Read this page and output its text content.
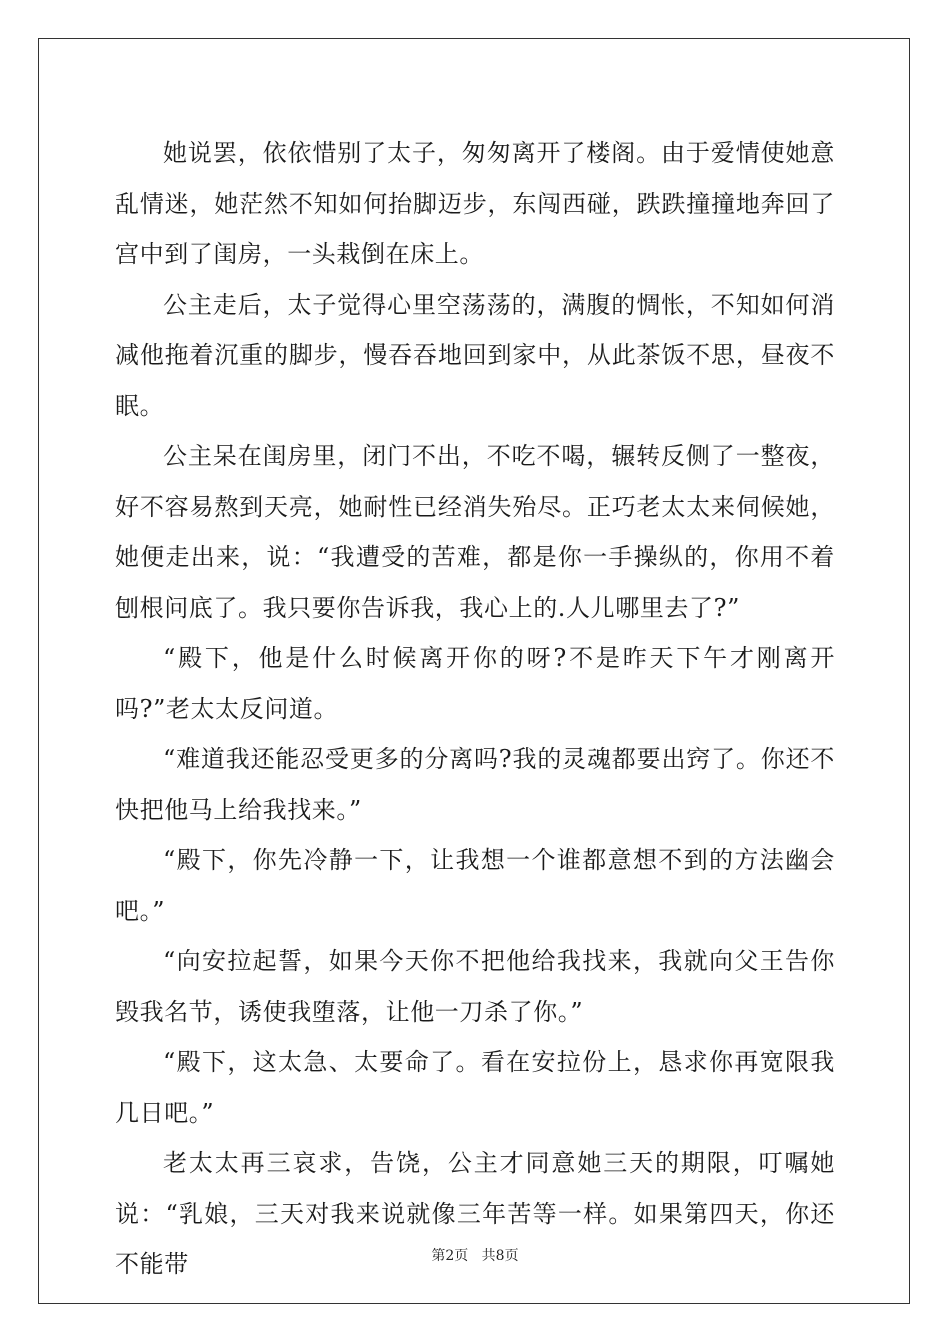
她说罢，依依惜别了太子，匆匆离开了楼阁。由于爱情使她意乱情迷，她茫然不知如何抬脚迈步，东闯西碰，跌跌撞撞地奔回了宫中到了闺房，一头栽倒在床上。

公主走后，太子觉得心里空荡荡的，满腹的惆怅，不知如何消减他拖着沉重的脚步，慢吞吞地回到家中，从此茶饭不思，昼夜不眠。

公主呆在闺房里，闭门不出，不吃不喝，辗转反侧了一整夜，好不容易熬到天亮，她耐性已经消失殆尽。正巧老太太来伺候她，她便走出来，说：“我遭受的苦难，都是你一手操纵的，你用不着刨根问底了。我只要你告诉我，我心上的.人儿哪里去了?”

“殿下，他是什么时候离开你的呀?不是昨天下午才刚离开吗?”老太太反问道。

“难道我还能忍受更多的分离吗?我的灵魂都要出窍了。你还不快把他马上给我找来。”

“殿下，你先冷静一下，让我想一个谁都意想不到的方法幽会吧。”

“向安拉起誓，如果今天你不把他给我找来，我就向父王告你毁我名节，诱使我堕落，让他一刀杀了你。”

“殿下，这太急、太要命了。看在安拉份上，恳求你再宽限我几日吧。”

老太太再三哀求，告饶，公主才同意她三天的期限，叮嘱她说：“乳娘，三天对我来说就像三年苦等一样。如果第四天，你还不能带	第2页 共8页
